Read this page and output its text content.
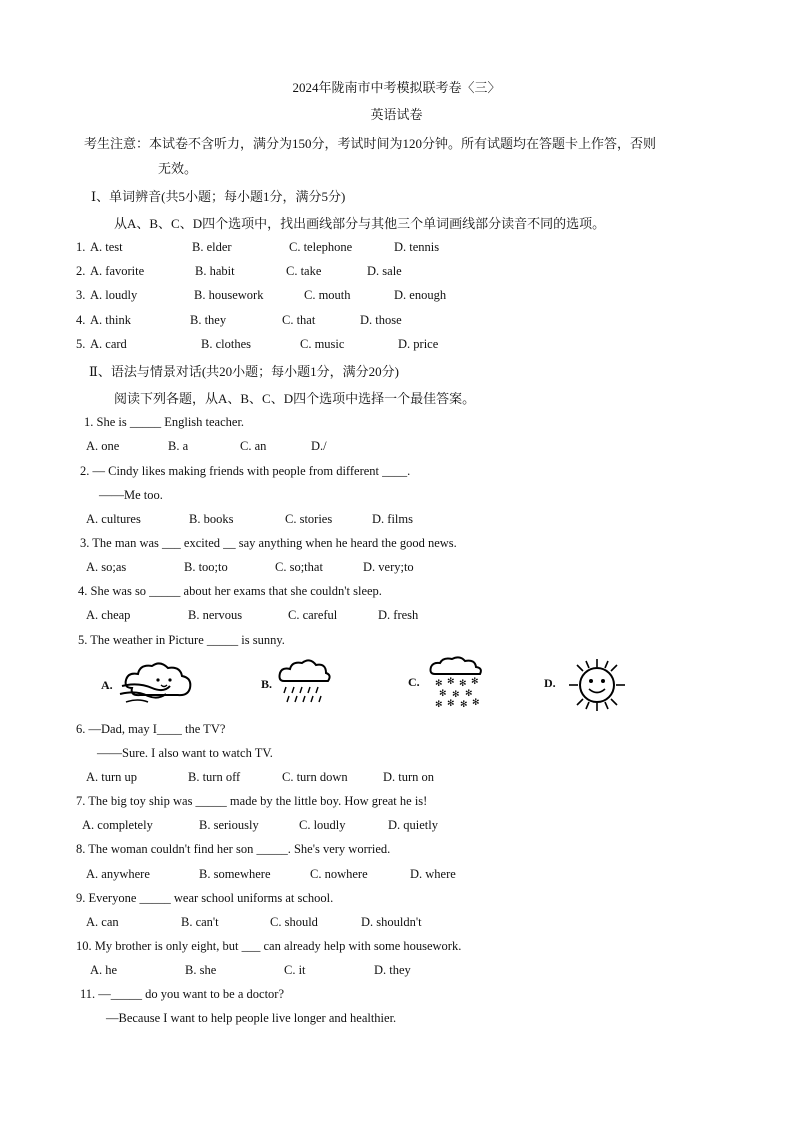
2024年陇南市中考模拟联考卷〈三〉
英语试卷
考生注意：本试卷不含听力，满分为150分，考试时间为120分钟。所有试题均在答题卡上作答，否则
无效。
Ⅰ、单词辨音(共5小题；每小题1分，满分5分)
从A、B、C、D四个选项中，找出画线部分与其他三个单词画线部分读音不同的选项。
1. A. test	B. elder	C. telephone	D. tennis
2. A. favorite	B. habit	C. take	D. sale
3. A. loudly	B. housework	C. mouth	D. enough
4. A. think	B. they	C. that	D. those
5. A. card	B. clothes	C. music	D. price
Ⅱ、语法与情景对话(共20小题；每小题1分，满分20分)
阅读下列各题，从A、B、C、D四个选项中选择一个最佳答案。
1. She is _____ English teacher.
A. one	B. a	C. an	D./
2. — Cindy likes making friends with people from different ____.
——Me too.
A. cultures	B. books	C. stories	D. films
3. The man was ___ excited __ say anything when he heard the good news.
A. so;as	B. too;to	C. so;that	D. very;to
4. She was so _____ about her exams that she couldn't sleep.
A. cheap	B. nervous	C. careful	D. fresh
5. The weather in Picture _____ is sunny.
A.	B.	C. ✻ ✻ ✻ ✻
✻ ✻ ✻
✻ ✻ ✻ ✻
D.
6. —Dad, may I____ the TV?
——Sure. I also want to watch TV.
A. turn up	B. turn off	C. turn down	D. turn on
7. The big toy ship was _____ made by the little boy. How great he is!
A. completely	B. seriously	C. loudly	D. quietly
8. The woman couldn't find her son _____. She's very worried.
A. anywhere	B. somewhere	C. nowhere	D. where
9. Everyone _____ wear school uniforms at school.
A. can	B. can't	C. should	D. shouldn't
10. My brother is only eight, but ___ can already help with some housework.
A. he	B. she	C. it	D. they
11. —_____ do you want to be a doctor?
—Because I want to help people live longer and healthier.
